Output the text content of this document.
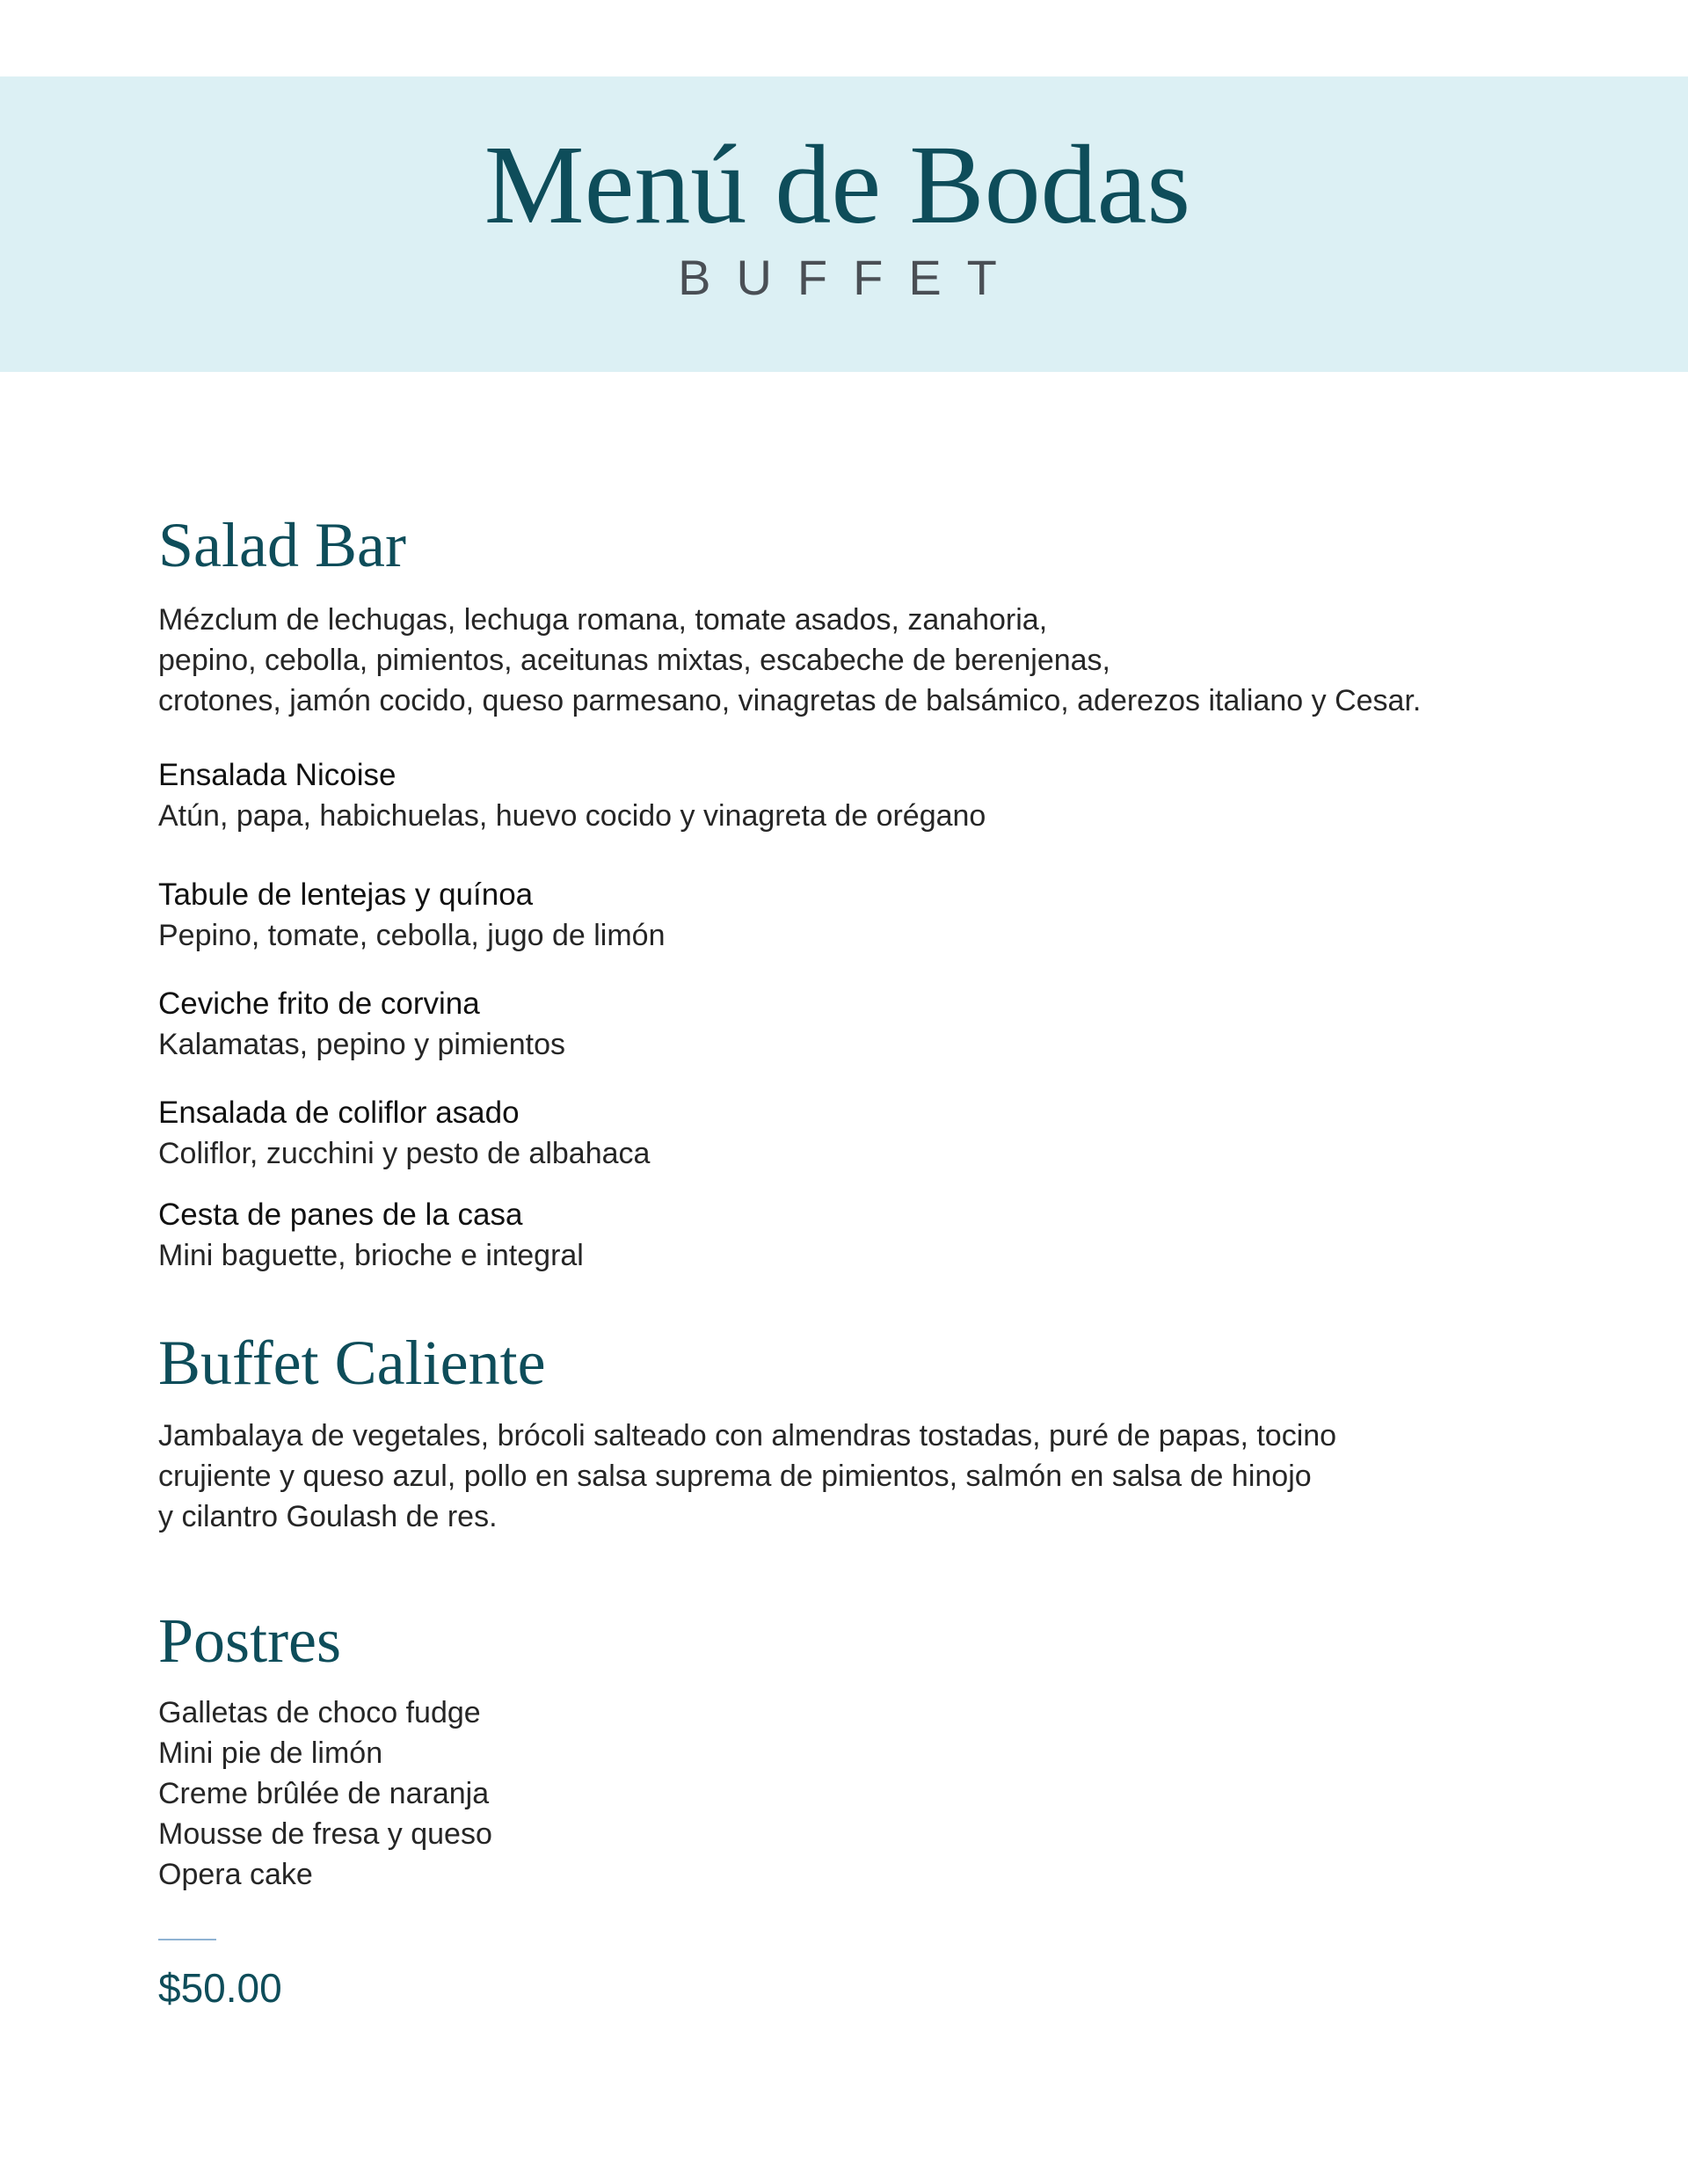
Menú de Bodas
BUFFET
Salad Bar
Mézclum de lechugas, lechuga romana, tomate asados, zanahoria,
pepino, cebolla, pimientos, aceitunas mixtas, escabeche de berenjenas,
crotones, jamón cocido, queso parmesano, vinagretas de balsámico, aderezos italiano y Cesar.
Ensalada Nicoise
Atún, papa, habichuelas, huevo cocido y vinagreta de orégano
Tabule de lentejas y quínoa
Pepino, tomate, cebolla, jugo de limón
Ceviche frito de corvina
Kalamatas, pepino y pimientos
Ensalada de coliflor asado
Coliflor, zucchini y pesto de albahaca
Cesta de panes de la casa
Mini baguette, brioche e integral
Buffet Caliente
Jambalaya de vegetales, brócoli salteado con almendras tostadas, puré de papas, tocino
crujiente y queso azul, pollo en salsa suprema de pimientos, salmón en salsa de hinojo
y cilantro Goulash de res.
Postres
Galletas de choco fudge
Mini pie de limón
Creme brûlée de naranja
Mousse de fresa y queso
Opera cake
$50.00
